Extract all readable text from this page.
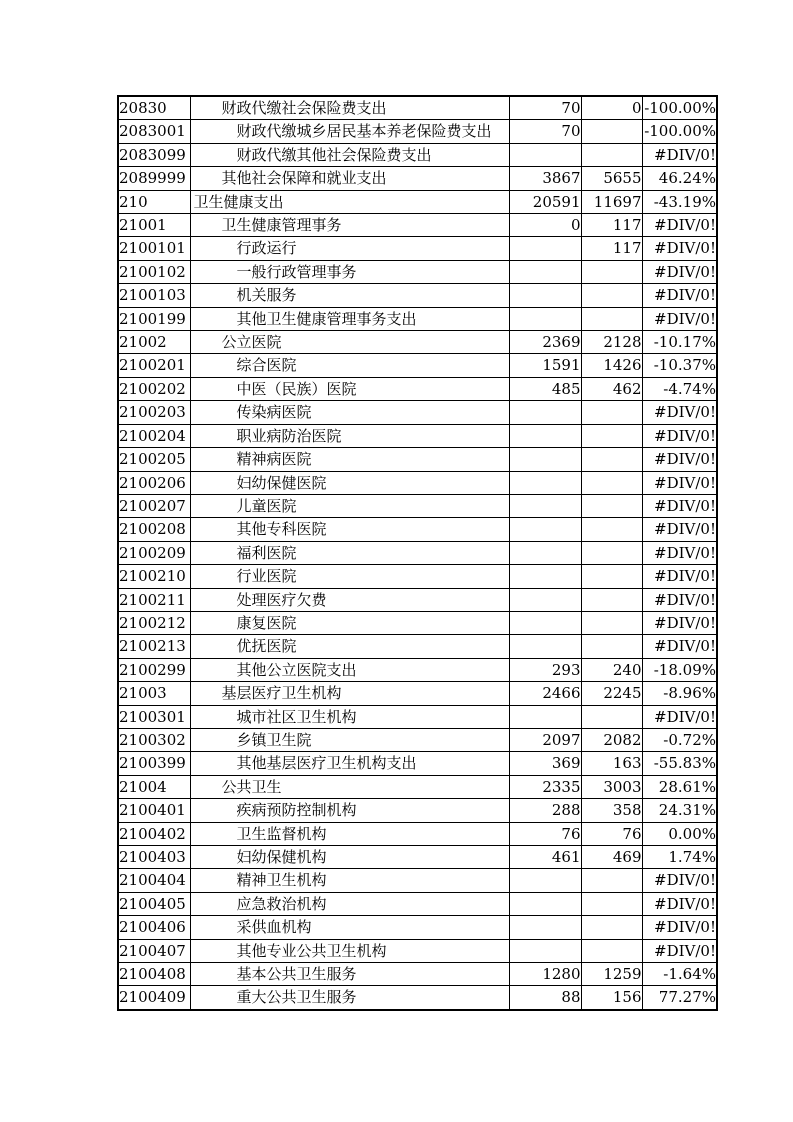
20830	财政代缴社会保险费支出	70	0	-100.00%
2083001	财政代缴城乡居民基本养老保险费支出	70		-100.00%
2083099	财政代缴其他社会保险费支出			#DIV/0!
2089999	其他社会保障和就业支出	3867	5655	46.24%
210	卫生健康支出	20591	11697	-43.19%
21001	卫生健康管理事务	0	117	#DIV/0!
2100101	行政运行		117	#DIV/0!
2100102	一般行政管理事务			#DIV/0!
2100103	机关服务			#DIV/0!
2100199	其他卫生健康管理事务支出			#DIV/0!
21002	公立医院	2369	2128	-10.17%
2100201	综合医院	1591	1426	-10.37%
2100202	中医（民族）医院	485	462	-4.74%
2100203	传染病医院			#DIV/0!
2100204	职业病防治医院			#DIV/0!
2100205	精神病医院			#DIV/0!
2100206	妇幼保健医院			#DIV/0!
2100207	儿童医院			#DIV/0!
2100208	其他专科医院			#DIV/0!
2100209	福利医院			#DIV/0!
2100210	行业医院			#DIV/0!
2100211	处理医疗欠费			#DIV/0!
2100212	康复医院			#DIV/0!
2100213	优抚医院			#DIV/0!
2100299	其他公立医院支出	293	240	-18.09%
21003	基层医疗卫生机构	2466	2245	-8.96%
2100301	城市社区卫生机构			#DIV/0!
2100302	乡镇卫生院	2097	2082	-0.72%
2100399	其他基层医疗卫生机构支出	369	163	-55.83%
21004	公共卫生	2335	3003	28.61%
2100401	疾病预防控制机构	288	358	24.31%
2100402	卫生监督机构	76	76	0.00%
2100403	妇幼保健机构	461	469	1.74%
2100404	精神卫生机构			#DIV/0!
2100405	应急救治机构			#DIV/0!
2100406	采供血机构			#DIV/0!
2100407	其他专业公共卫生机构			#DIV/0!
2100408	基本公共卫生服务	1280	1259	-1.64%
2100409	重大公共卫生服务	88	156	77.27%
